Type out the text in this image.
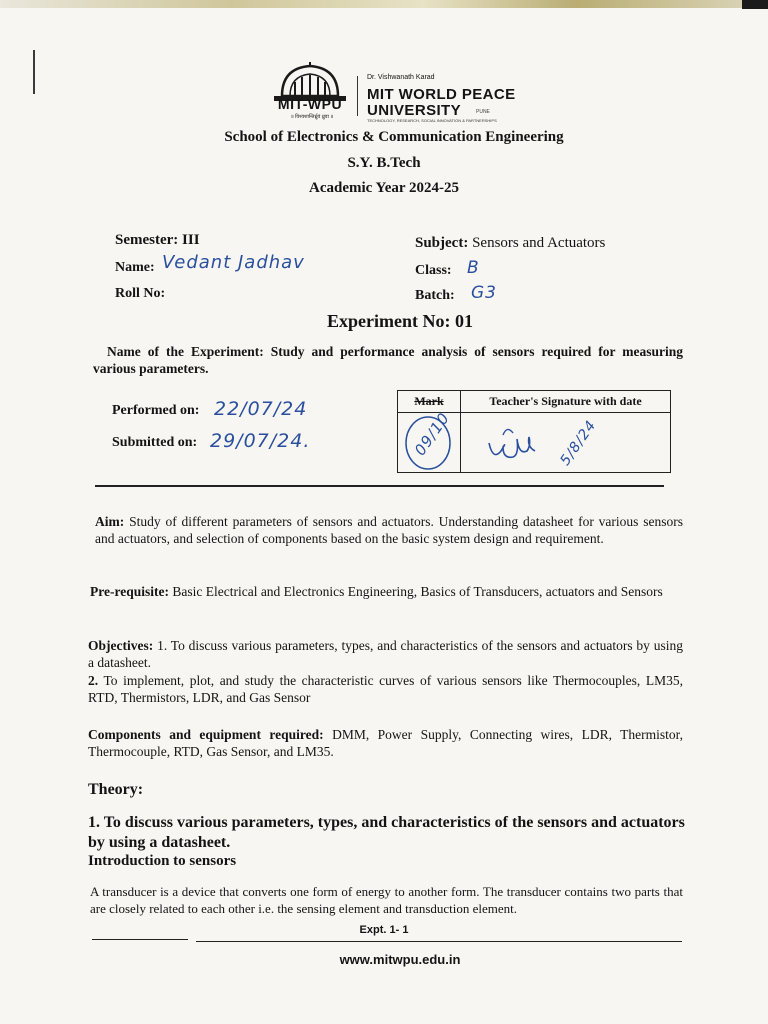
MIT-WPU
॥ विश्वशान्तिर्ध्रुवं ध्रुवा ॥
Dr. Vishwanath Karad
MIT WORLD PEACE
UNIVERSITY	PUNE
TECHNOLOGY, RESEARCH, SOCIAL INNOVATION & PARTNERSHIPS
School of Electronics & Communication Engineering
S.Y. B.Tech
Academic Year 2024-25
Semester: III
Name: Vedant Jadhav
Roll No:
Subject: Sensors and Actuators
Class: B
Batch: G3
Experiment No: 01
Name of the Experiment: Study and performance analysis of sensors required for measuring various parameters.
Performed on: 22/07/24
Submitted on: 29/07/24.
Mark	Teacher's Signature with date

09/10	5/8/24
Aim: Study of different parameters of sensors and actuators. Understanding datasheet for various sensors and actuators, and selection of components based on the basic system design and requirement.
Pre-requisite: Basic Electrical and Electronics Engineering, Basics of Transducers, actuators and Sensors
Objectives: 1. To discuss various parameters, types, and characteristics of the sensors and actuators by using a datasheet.
2. To implement, plot, and study the characteristic curves of various sensors like Thermocouples, LM35, RTD, Thermistors, LDR, and Gas Sensor
Components and equipment required: DMM, Power Supply, Connecting wires, LDR, Thermistor, Thermocouple, RTD, Gas Sensor, and LM35.
Theory:
1. To discuss various parameters, types, and characteristics of the sensors and actuators by using a datasheet.
Introduction to sensors
A transducer is a device that converts one form of energy to another form. The transducer contains two parts that are closely related to each other i.e. the sensing element and transduction element.
Expt. 1- 1
www.mitwpu.edu.in
